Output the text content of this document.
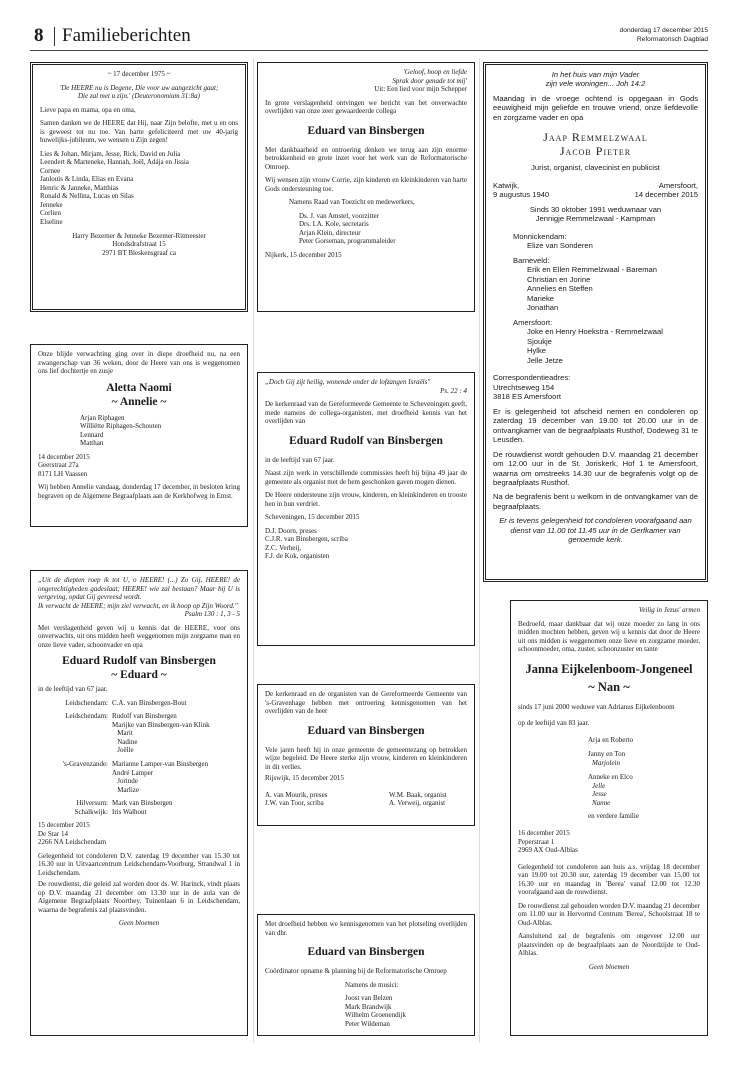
8 Familieberichten	donderdag 17 december 2015
Reformatorisch Dagblad
~ 17 december 1975 ~
'De HEERE nu is Degene, Die voor uw aangezicht gaat;
Die zal met u zijn.' (Deuteronomium 31:8a)
Lieve papa en mama, opa en oma,
Samen danken we de HEERE dat Hij, naar Zijn belofte, met u en ons is geweest tot nu toe. Van harte gefeliciteerd met uw 40-jarig huwelijks-jubileum, we wensen u Zijn zegen!
Lies & Johan, Mirjam, Jesse, Rick, David en Julia
Leendert & Marteneke, Hannah, Joël, Adája en Jissia
Cornee
Janlouis & Linda, Elias en Evana
Henric & Janneke, Matthias
Ronald & Nellina, Lucas en Silas
Jenneke
Corlien
Elseline
Harry Bezemer & Jenneke Bezemer-Ritmeester
Hondsdrafstraat 15
2971 BT Bleskensgraaf ca
Onze blijde verwachting ging over in diepe droefheid nu, na een zwangerschap van 36 weken, door de Heere van ons is weggenomen ons lief dochtertje en zusje
Aletta Naomi
~ Annelie ~
Arjan Riphagen
Williëtte Riphagen-Schouten
Lennard
Matthan
14 december 2015
Geerstraat 27a
8171 LH Vaassen
Wij hebben Annelie vandaag, donderdag 17 december, in besloten kring begraven op de Algemene Begraafplaats aan de Kerkhofweg in Emst.
„Uit de diepten roep ik tot U, o HEERE! (...) Zo Gij, HEERE! de ongerechtigheden gadeslaat; HEERE! wie zal bestaan? Maar bij U is vergeving, opdat Gij gevreesd wordt.
Ik verwacht de HEERE; mijn ziel verwacht, en ik hoop op Zijn Woord."
Psalm 130 : 1, 3 - 5
Met verslagenheid geven wij u kennis dat de HEERE, voor ons onverwachts, uit ons midden heeft weggenomen mijn zorgzame man en onze lieve vader, schoonvader en opa
Eduard Rudolf van Binsbergen
~ Eduard ~
in de leeftijd van 67 jaar.
Leidschendam: C.A. van Binsbergen-Bout
Leidschendam: Rudolf van Binsbergen
Marijke van Binsbergen-van Klink
Marit
Nadine
Joëlle
's-Gravenzande: Marianne Lamper-van Binsbergen
André Lamper
Jorinde
Marlize
Hilversum: Mark van Binsbergen
Schalkwijk: Iris Walhout
15 december 2015
De Star 14
2266 NA Leidschendam
Gelegenheid tot condoleren D.V. zaterdag 19 december van 15.30 tot 16.30 uur in Uitvaartcentrum Leidschendam-Voorburg, Strandwal 1 in Leidschendam.
De rouwdienst, die geleid zal worden door ds. W. Harinck, vindt plaats op D.V. maandag 21 december om 13.30 uur in de aula van de Algemene Begraafplaats Noorthey, Tuinenlaan 6 in Leidschendam, waarna de begrafenis zal plaatsvinden.
Geen bloemen
'Geloof, hoop en liefde
Sprak door genade tot mij'
Uit: Een lied voor mijn Schepper
In grote verslagenheid ontvingen we bericht van het onverwachte overlijden van onze zeer gewaardeerde collega
Eduard van Binsbergen
Met dankbaarheid en ontroering denken we terug aan zijn enorme betrokkenheid en grote inzet voor het werk van de Reformatorische Omroep.
Wij wensen zijn vrouw Corrie, zijn kinderen en kleinkinderen van harte Gods ondersteuning toe.
Namens Raad van Toezicht en medewerkers,
Ds. J. van Amstel, voorzitter
Drs. I.A. Kole, secretaris
Arjan Klein, directeur
Peter Gorseman, programmaleider
Nijkerk, 15 december 2015
„Doch Gij zijt heilig, wonende onder de lofzangen Israëls"
Ps. 22 : 4
De kerkenraad van de Gereformeerde Gemeente te Scheveningen geeft, mede namens de collega-organisten, met droefheid kennis van het overlijden van
Eduard Rudolf van Binsbergen
in de leeftijd van 67 jaar.
Naast zijn werk in verschillende commissies heeft hij bijna 49 jaar de gemeente als organist met de hem geschonken gaven mogen dienen.
De Heere ondersteune zijn vrouw, kinderen, en kleinkinderen en trooste hen in hun verdriet.
Scheveningen, 15 december 2015
D.J. Doorn, preses
C.J.R. van Binsbergen, scriba
Z.C. Verheij,
F.J. de Kok, organisten
De kerkenraad en de organisten van de Gereformeerde Gemeente van 's-Gravenhage hebben met ontroering kennisgenomen van het overlijden van de heer
Eduard van Binsbergen
Vele jaren heeft hij in onze gemeente de gemeentezang op betrokken wijze begeleid. De Heere sterke zijn vrouw, kinderen en kleinkinderen in dit verlies.
Rijswijk, 15 december 2015
A. van Mourik, preses	W.M. Baak, organist
J.W. van Toor, scriba	A. Verweij, organist
Met droefheid hebben we kennisgenomen van het plotseling overlijden van dhr.
Eduard van Binsbergen
Coördinator opname & planning bij de Reformatorische Omroep
Namens de musici:
Joost van Belzen
Mark Brandwijk
Wilhelm Groenendijk
Peter Wildeman
In het huis van mijn Vader
zijn vele woningen... Joh 14:2
Maandag in de vroege ochtend is opgegaan in Gods eeuwigheid mijn geliefde en trouwe vriend, onze liefdevolle en zorgzame vader en opa
Jaap Remmelzwaal
Jacob Pieter
Jurist, organist, clavecinist en publicist
Katwijk,	Amersfoort,
9 augustus 1940	14 december 2015
Sinds 30 oktober 1991 weduwnaar van
Jennigje Remmelzwaal - Kampman
Monnickendam:
Elize van Sonderen
Barneveld:
Erik en Ellen Remmelzwaal - Bareman
Christian en Jorine
Annelies en Steffen
Marieke
Jonathan
Amersfoort:
Joke en Henry Hoekstra - Remmelzwaal
Sjoukje
Hylke
Jelle Jetze
Correspondentieadres:
Utrechtseweg 154
3818 ES Amersfoort
Er is gelegenheid tot afscheid nemen en condoleren op zaterdag 19 december van 19.00 tot 20.00 uur in de ontvangkamer van de begraafplaats Rusthof, Dodeweg 31 te Leusden.
De rouwdienst wordt gehouden D.V. maandag 21 december om 12.00 uur in de St. Joriskerk, Hof 1 te Amersfoort, waarna om omstreeks 14.30 uur de begrafenis volgt op de begraafplaats Rusthof.
Na de begrafenis bent u welkom in de ontvangkamer van de begraafplaats.
Er is tevens gelegenheid tot condoleren voorafgaand aan dienst van 11.00 tot 11.45 uur in de Gerfkamer van genoemde kerk.
Veilig in Jezus' armen
Bedroefd, maar dankbaar dat wij onze moeder zo lang in ons midden mochten hebben, geven wij u kennis dat door de Heere uit ons midden is weggenomen onze lieve en zorgzame moeder, schoonmoeder, oma, zuster, schoonzuster en tante
Janna Eijkelenboom-Jongeneel
~ Nan ~
sinds 17 juni 2000 weduwe van Adrianus Eijkelenboom
op de leeftijd van 83 jaar.
Arja en Roberto
Janny en Ton
Marjolein
Anneke en Elco
Jelle
Jesse
Nanne
en verdere familie
16 december 2015
Peperstraat 1
2969 AX Oud-Alblas
Gelegenheid tot condoleren aan huis a.s. vrijdag 18 december van 19.00 tot 20.30 uur, zaterdag 19 december van 15.00 tot 16.30 uur en maandag in 'Berea' vanaf 12.00 tot 12.30 voorafgaand aan de rouwdienst.
De rouwdienst zal gehouden worden D.V. maandag 21 december om 11.00 uur in Hervormd Centrum 'Berea', Schoolstraat 18 te Oud-Alblas.
Aansluitend zal de begrafenis om ongeveer 12.00 uur plaatsvinden op de begraafplaats aan de Noordzijde te Oud-Alblas.
Geen bloemen
